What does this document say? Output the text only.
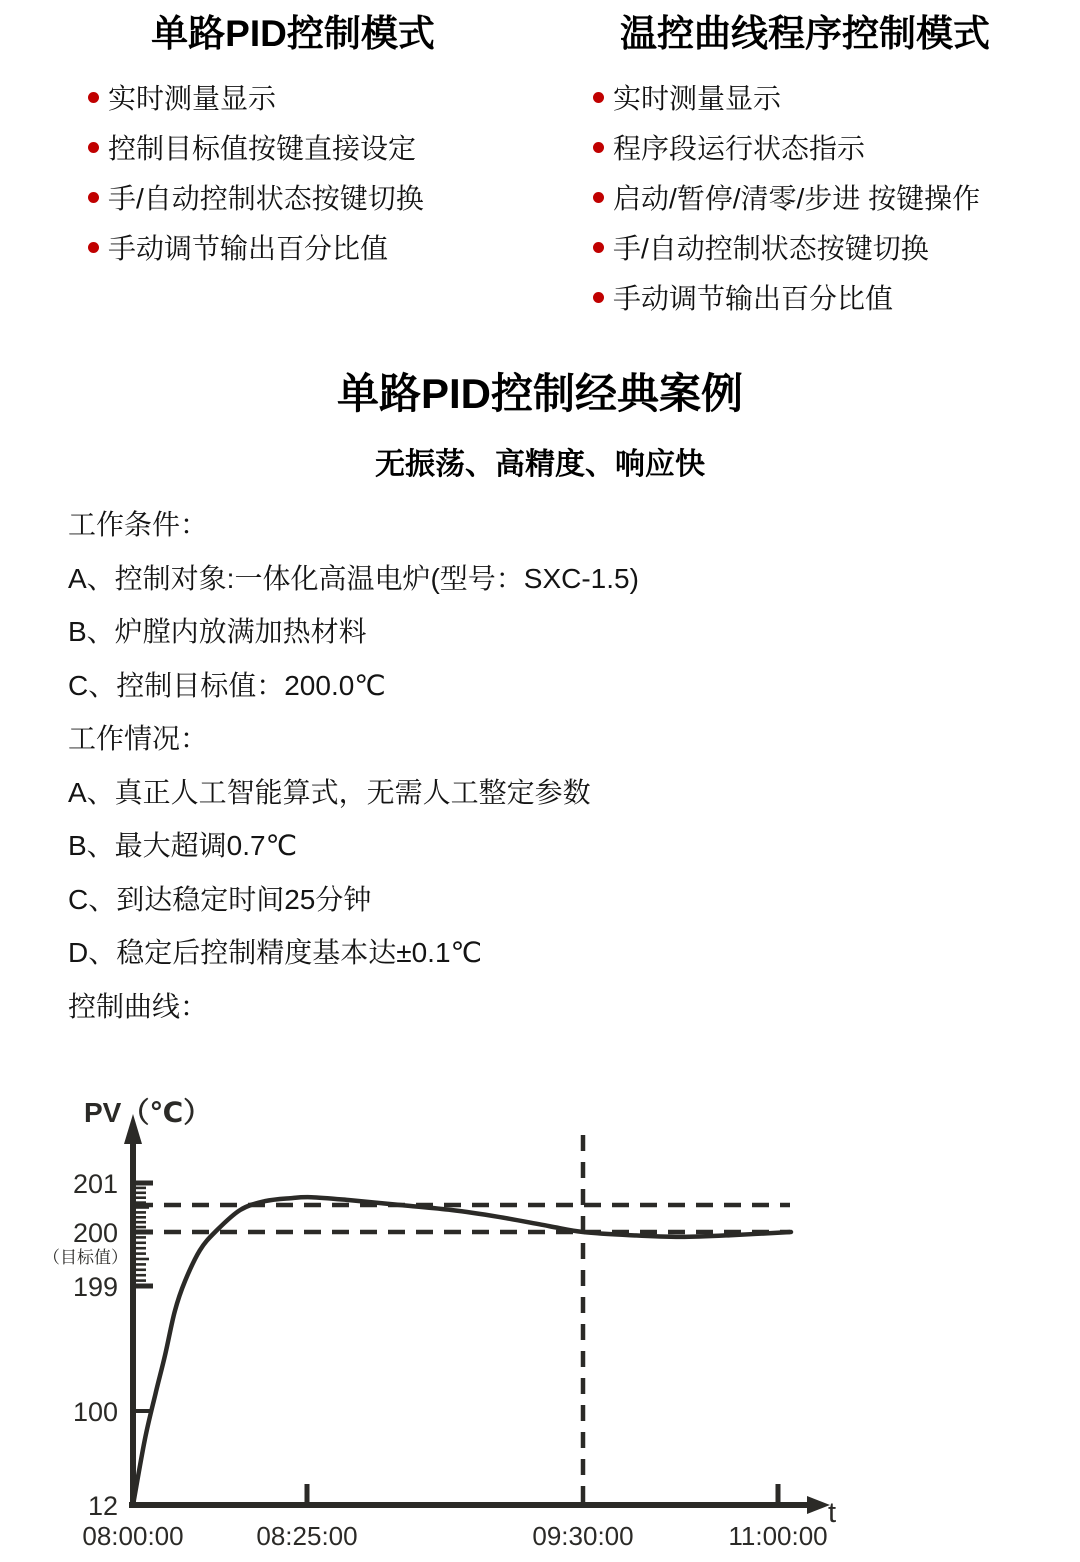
单路PID控制模式
实时测量显示
控制目标值按键直接设定
手/自动控制状态按键切换
手动调节输出百分比值
温控曲线程序控制模式
实时测量显示
程序段运行状态指示
启动/暂停/清零/步进 按键操作
手/自动控制状态按键切换
手动调节输出百分比值
单路PID控制经典案例
无振荡、高精度、响应快

工作条件：

A、控制对象:一体化高温电炉(型号：SXC-1.5)

B、炉膛内放满加热材料

C、控制目标值：200.0℃

工作情况：

A、真正人工智能算式，无需人工整定参数

B、最大超调0.7℃

C、到达稳定时间25分钟

D、稳定后控制精度基本达±0.1℃

控制曲线：

PV（℃）
t
201
200
（目标值）
199
100
12
08:00:00	08:25:00	09:30:00	11:00:00
